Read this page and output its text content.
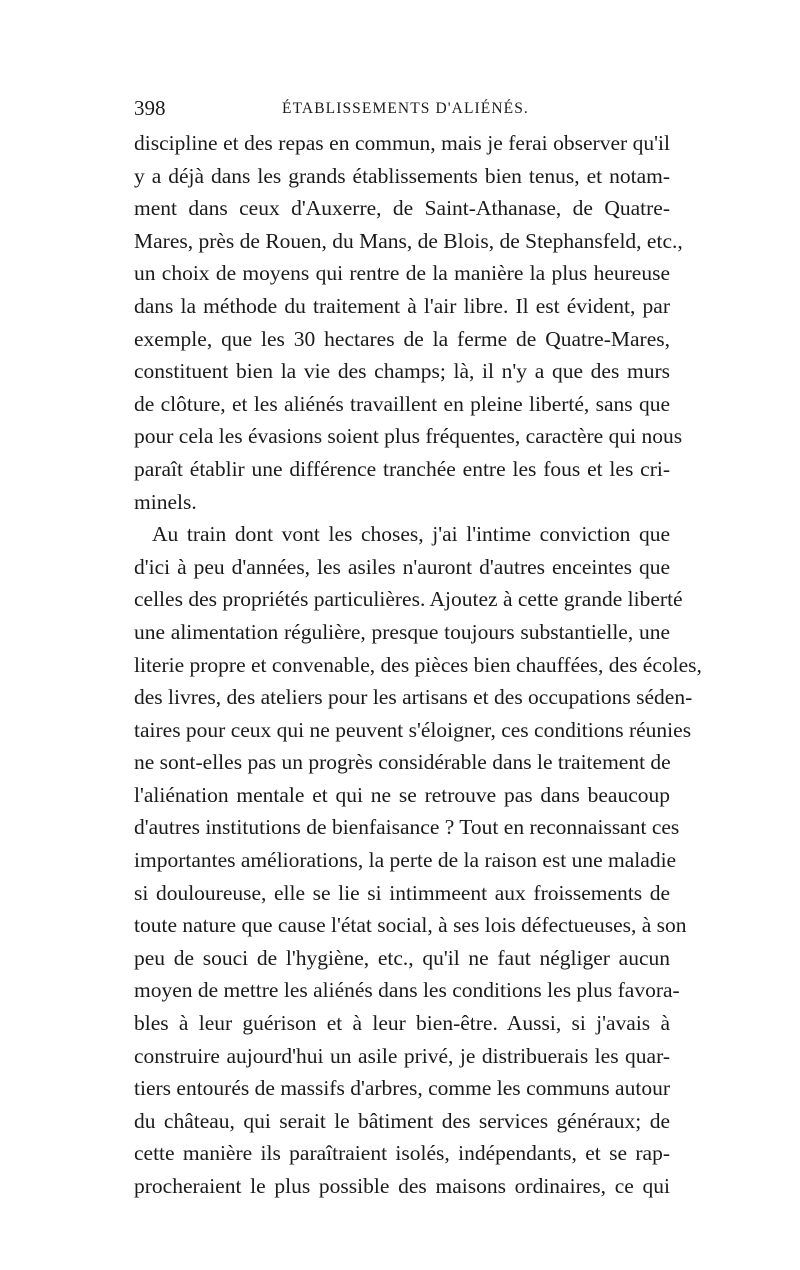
398	ÉTABLISSEMENTS D'ALIÉNÉS.
discipline et des repas en commun, mais je ferai observer qu'il
y a déjà dans les grands établissements bien tenus, et notam-
ment dans ceux d'Auxerre, de Saint-Athanase, de Quatre-
Mares, près de Rouen, du Mans, de Blois, de Stephansfeld, etc.,
un choix de moyens qui rentre de la manière la plus heureuse
dans la méthode du traitement à l'air libre. Il est évident, par
exemple, que les 30 hectares de la ferme de Quatre-Mares,
constituent bien la vie des champs; là, il n'y a que des murs
de clôture, et les aliénés travaillent en pleine liberté, sans que
pour cela les évasions soient plus fréquentes, caractère qui nous
paraît établir une différence tranchée entre les fous et les cri-
minels.
Au train dont vont les choses, j'ai l'intime conviction que
d'ici à peu d'années, les asiles n'auront d'autres enceintes que
celles des propriétés particulières. Ajoutez à cette grande liberté
une alimentation régulière, presque toujours substantielle, une
literie propre et convenable, des pièces bien chauffées, des écoles,
des livres, des ateliers pour les artisans et des occupations séden-
taires pour ceux qui ne peuvent s'éloigner, ces conditions réunies
ne sont-elles pas un progrès considérable dans le traitement de
l'aliénation mentale et qui ne se retrouve pas dans beaucoup
d'autres institutions de bienfaisance ? Tout en reconnaissant ces
importantes améliorations, la perte de la raison est une maladie
si douloureuse, elle se lie si intimmeent aux froissements de
toute nature que cause l'état social, à ses lois défectueuses, à son
peu de souci de l'hygiène, etc., qu'il ne faut négliger aucun
moyen de mettre les aliénés dans les conditions les plus favora-
bles à leur guérison et à leur bien-être. Aussi, si j'avais à
construire aujourd'hui un asile privé, je distribuerais les quar-
tiers entourés de massifs d'arbres, comme les communs autour
du château, qui serait le bâtiment des services généraux; de
cette manière ils paraîtraient isolés, indépendants, et se rap-
procheraient le plus possible des maisons ordinaires, ce qui
